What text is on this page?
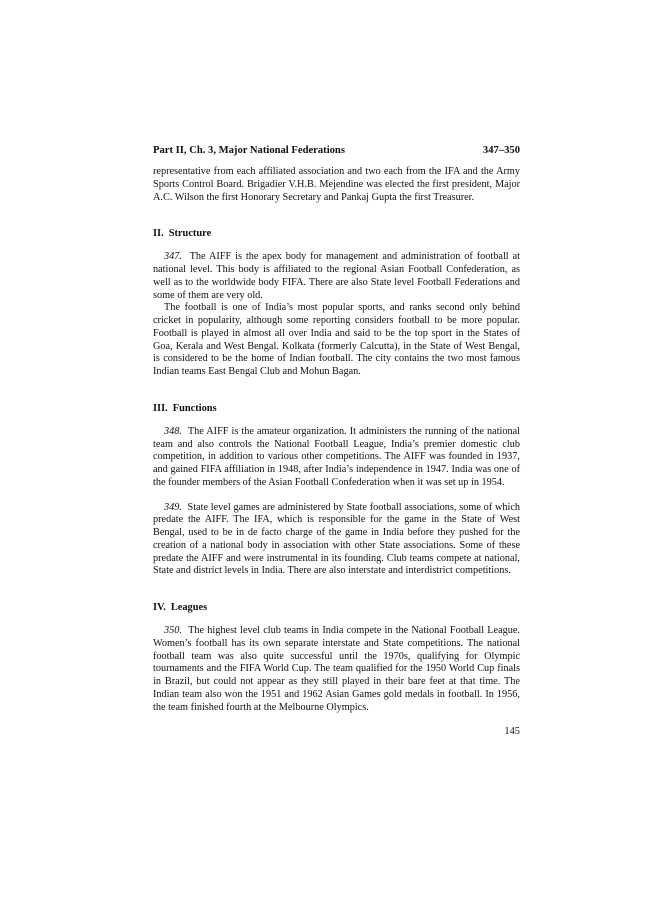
Part II, Ch. 3, Major National Federations	347–350

representative from each affiliated association and two each from the IFA and the Army Sports Control Board. Brigadier V.H.B. Mejendine was elected the first president, Major A.C. Wilson the first Honorary Secretary and Pankaj Gupta the first Treasurer.

II. Structure

347. The AIFF is the apex body for management and administration of football at national level. This body is affiliated to the regional Asian Football Confederation, as well as to the worldwide body FIFA. There are also State level Football Federations and some of them are very old.

The football is one of India’s most popular sports, and ranks second only behind cricket in popularity, although some reporting considers football to be more popular. Football is played in almost all over India and said to be the top sport in the States of Goa, Kerala and West Bengal. Kolkata (formerly Calcutta), in the State of West Bengal, is considered to be the home of Indian football. The city contains the two most famous Indian teams East Bengal Club and Mohun Bagan.

III. Functions

348. The AIFF is the amateur organization. It administers the running of the national team and also controls the National Football League, India’s premier domestic club competition, in addition to various other competitions. The AIFF was founded in 1937, and gained FIFA affiliation in 1948, after India’s independence in 1947. India was one of the founder members of the Asian Football Confederation when it was set up in 1954.

349. State level games are administered by State football associations, some of which predate the AIFF. The IFA, which is responsible for the game in the State of West Bengal, used to be in de facto charge of the game in India before they pushed for the creation of a national body in association with other State associations. Some of these predate the AIFF and were instrumental in its founding. Club teams compete at national, State and district levels in India. There are also interstate and interdistrict competitions.

IV. Leagues

350. The highest level club teams in India compete in the National Football League. Women’s football has its own separate interstate and State competitions. The national football team was also quite successful until the 1970s, qualifying for Olympic tournaments and the FIFA World Cup. The team qualified for the 1950 World Cup finals in Brazil, but could not appear as they still played in their bare feet at that time. The Indian team also won the 1951 and 1962 Asian Games gold medals in football. In 1956, the team finished fourth at the Melbourne Olympics.

145
